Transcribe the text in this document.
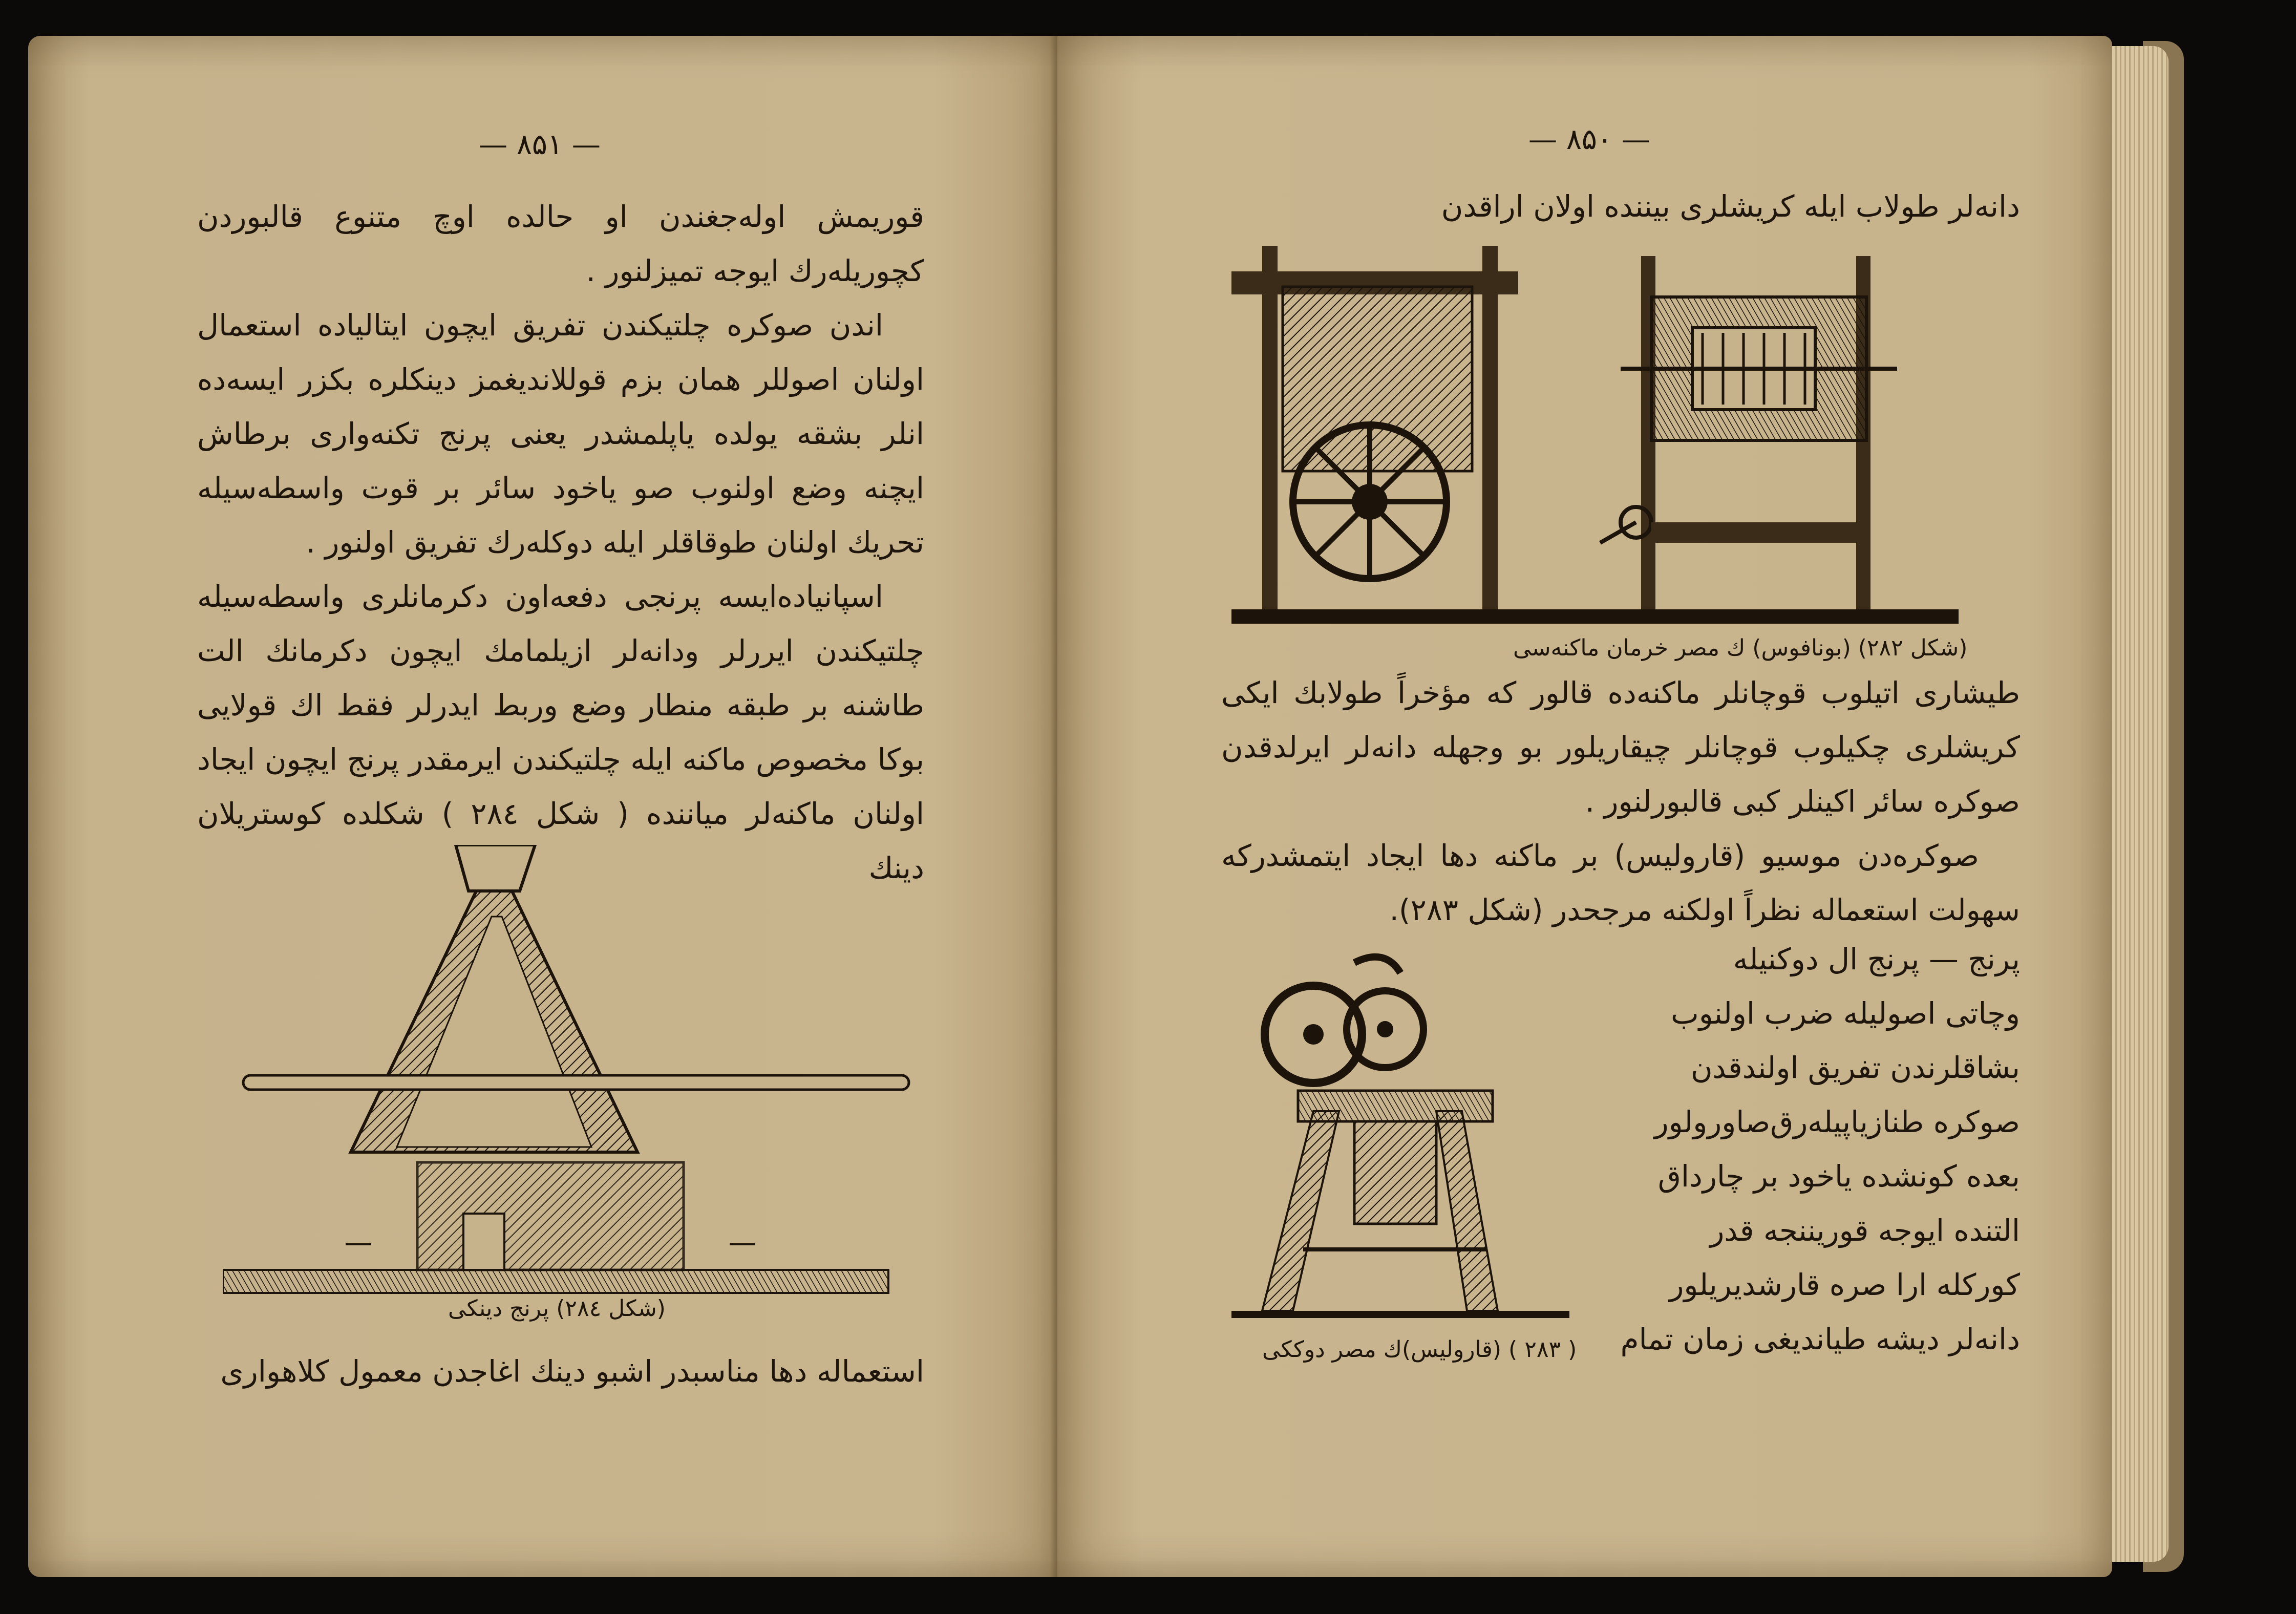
— ۸۵۱ —

قوریمش اوله‌جغندن او حالده اوچ متنوع قالبوردن کچوریله‌رك ایوجه تمیزلنور .

اندن صوکره چلتیکندن تفریق ایچون ایتالیاده استعمال اولنان اصوللر همان بزم قوللاندیغمز دینکلره بکزر ایسه‌ده انلر بشقه یولده یاپلمشدر یعنی پرنج تکنه‌واری برطاش ایچنه وضع اولنوب صو یاخود سائر بر قوت واسطه‌سیله تحریك اولنان طوقاقلر ایله دوکله‌رك تفریق اولنور .

اسپانیاده‌ایسه پرنجی دفعه‌اون دکرمانلری واسطه‌سیله چلتیکندن ایررلر ودانه‌لر ازیلمامك ایچون دکرمانك الت طاشنه بر طبقه منطار وضع وربط ایدرلر فقط اك قولایی بوکا مخصوص ماکنه ایله چلتیکندن ایرمقدر پرنج ایچون ایجاد اولنان ماکنه‌لر میاننده ( شکل ۲۸٤ ) شکلده کوستریلان دینك

(شکل ۲۸٤) پرنج دینکی
استعماله دها مناسبدر اشبو دینك اغاجدن معمول کلاهواری
— ۸۵۰ —
دانه‌لر طولاب ایله کریشلری بیننده اولان اراقدن
(شکل ۲۸۲) (بونافوس) ك مصر خرمان ماکنه‌سی

طیشاری اتیلوب قوچانلر ماکنه‌ده قالور که مؤخراً طولابك ایکی کریشلری چکیلوب قوچانلر چیقاریلور بو وجهله دانه‌لر ایرلدقدن صوکره سائر اکینلر کبی قالبورلنور .

صوکره‌دن موسیو (قارولیس) بر ماکنه دها ایجاد ایتمشدرکه سهولت استعماله نظراً اولکنه مرجحدر (شکل ۲۸۳).

( ۲۸۳ ) (قارولیس)ك مصر دوککی

پرنج — پرنج ال دوکنیله

وچاتی اصولیله ضرب اولنوب

بشاقلرندن تفریق اولندقدن

صوکره طنازیاپیله‌رق‌صاورولور

بعده کونشده یاخود بر چارداق

التنده ایوجه قوریننجه قدر

کورکله ارا صره قارشدیریلور

دانه‌لر دیشه طیاندیغی زمان تمام
